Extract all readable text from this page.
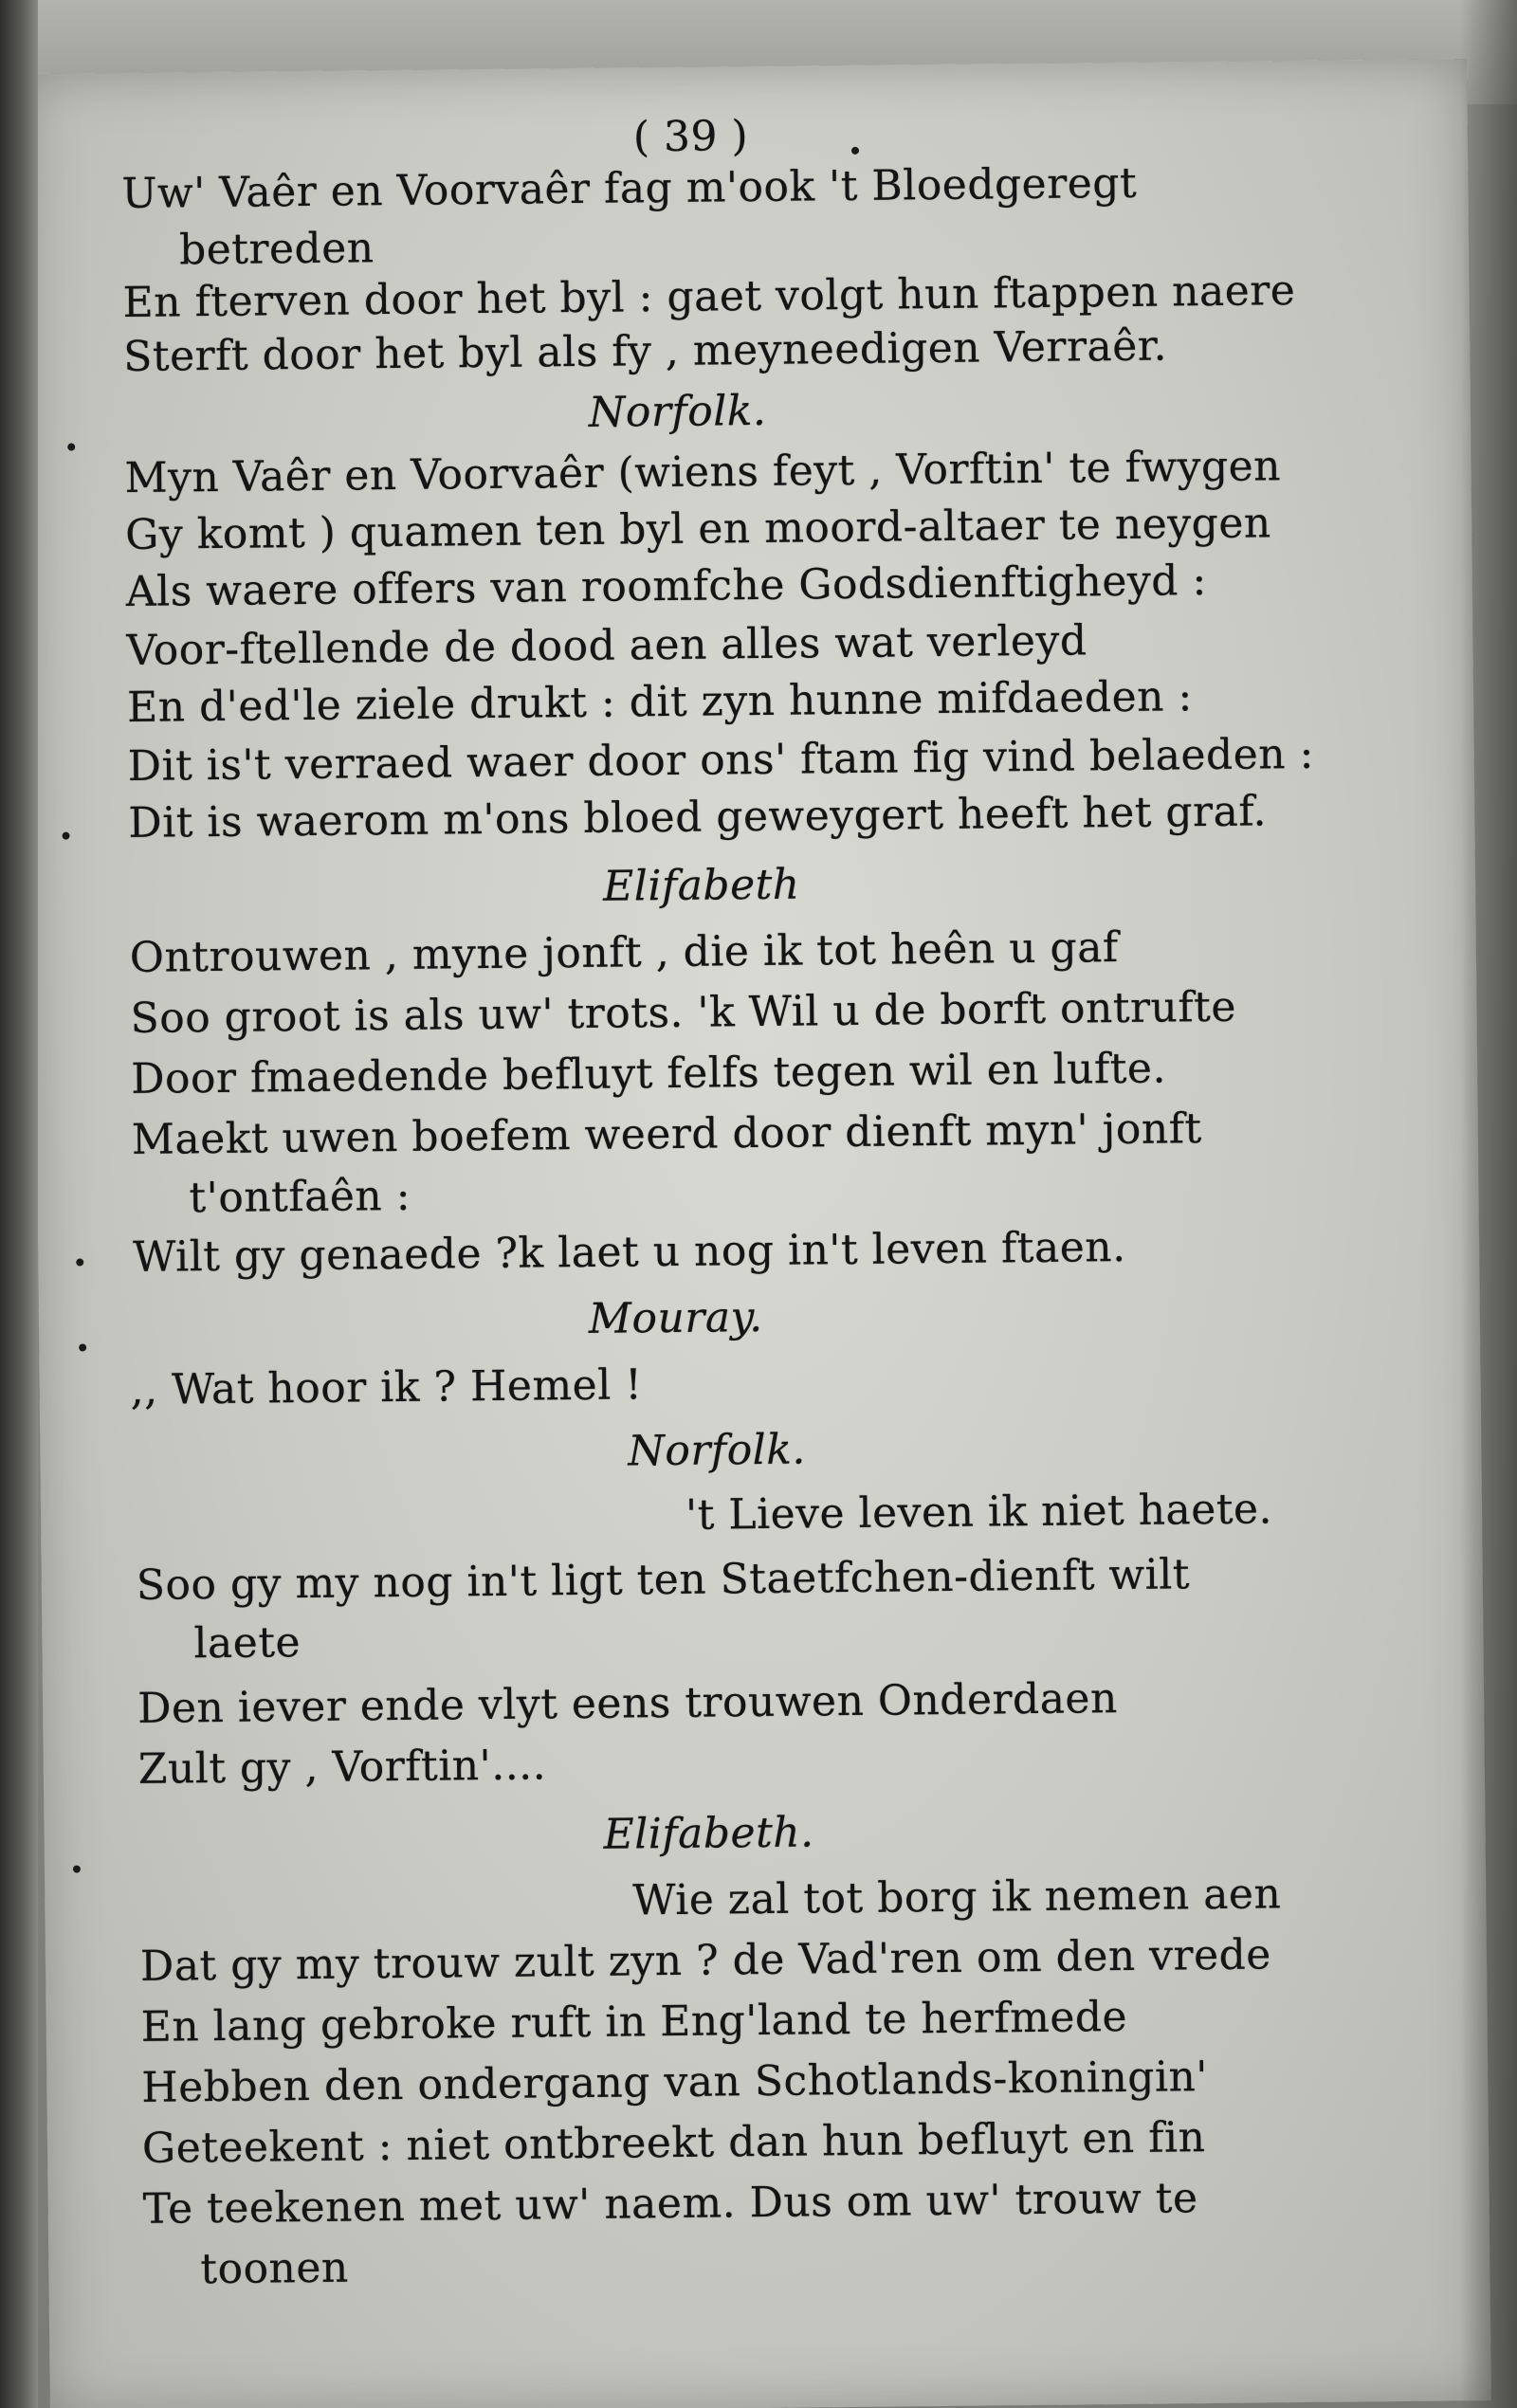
( 39 )
Uw' Vaêr en Voorvaêr fag m'ook 't Bloedgeregt
betreden
En fterven door het byl : gaet volgt hun ftappen naere
Sterft door het byl als fy , meyneedigen Verraêr.
Norfolk.
Myn Vaêr en Voorvaêr (wiens feyt , Vorftin' te fwygen
Gy komt ) quamen ten byl en moord-altaer te neygen
Als waere offers van roomfche Godsdienftigheyd :
Voor-ftellende de dood aen alles wat verleyd
En d'ed'le ziele drukt : dit zyn hunne mifdaeden :
Dit is't verraed waer door ons' ftam fig vind belaeden :
Dit is waerom m'ons bloed geweygert heeft het graf.
Elifabeth
Ontrouwen , myne jonft , die ik tot heên u gaf
Soo groot is als uw' trots. 'k Wil u de borft ontrufte
Door fmaedende befluyt felfs tegen wil en lufte.
Maekt uwen boefem weerd door dienft myn' jonft
t'ontfaên :
Wilt gy genaede ?k laet u nog in't leven ftaen.
Mouray.
,, Wat hoor ik ? Hemel !
Norfolk.
't Lieve leven ik niet haete.
Soo gy my nog in't ligt ten Staetfchen-dienft wilt
laete
Den iever ende vlyt eens trouwen Onderdaen
Zult gy , Vorftin'....
Elifabeth.
Wie zal tot borg ik nemen aen
Dat gy my trouw zult zyn ? de Vad'ren om den vrede
En lang gebroke ruft in Eng'land te herfmede
Hebben den ondergang van Schotlands-koningin'
Geteekent : niet ontbreekt dan hun befluyt en fin
Te teekenen met uw' naem. Dus om uw' trouw te
toonen
